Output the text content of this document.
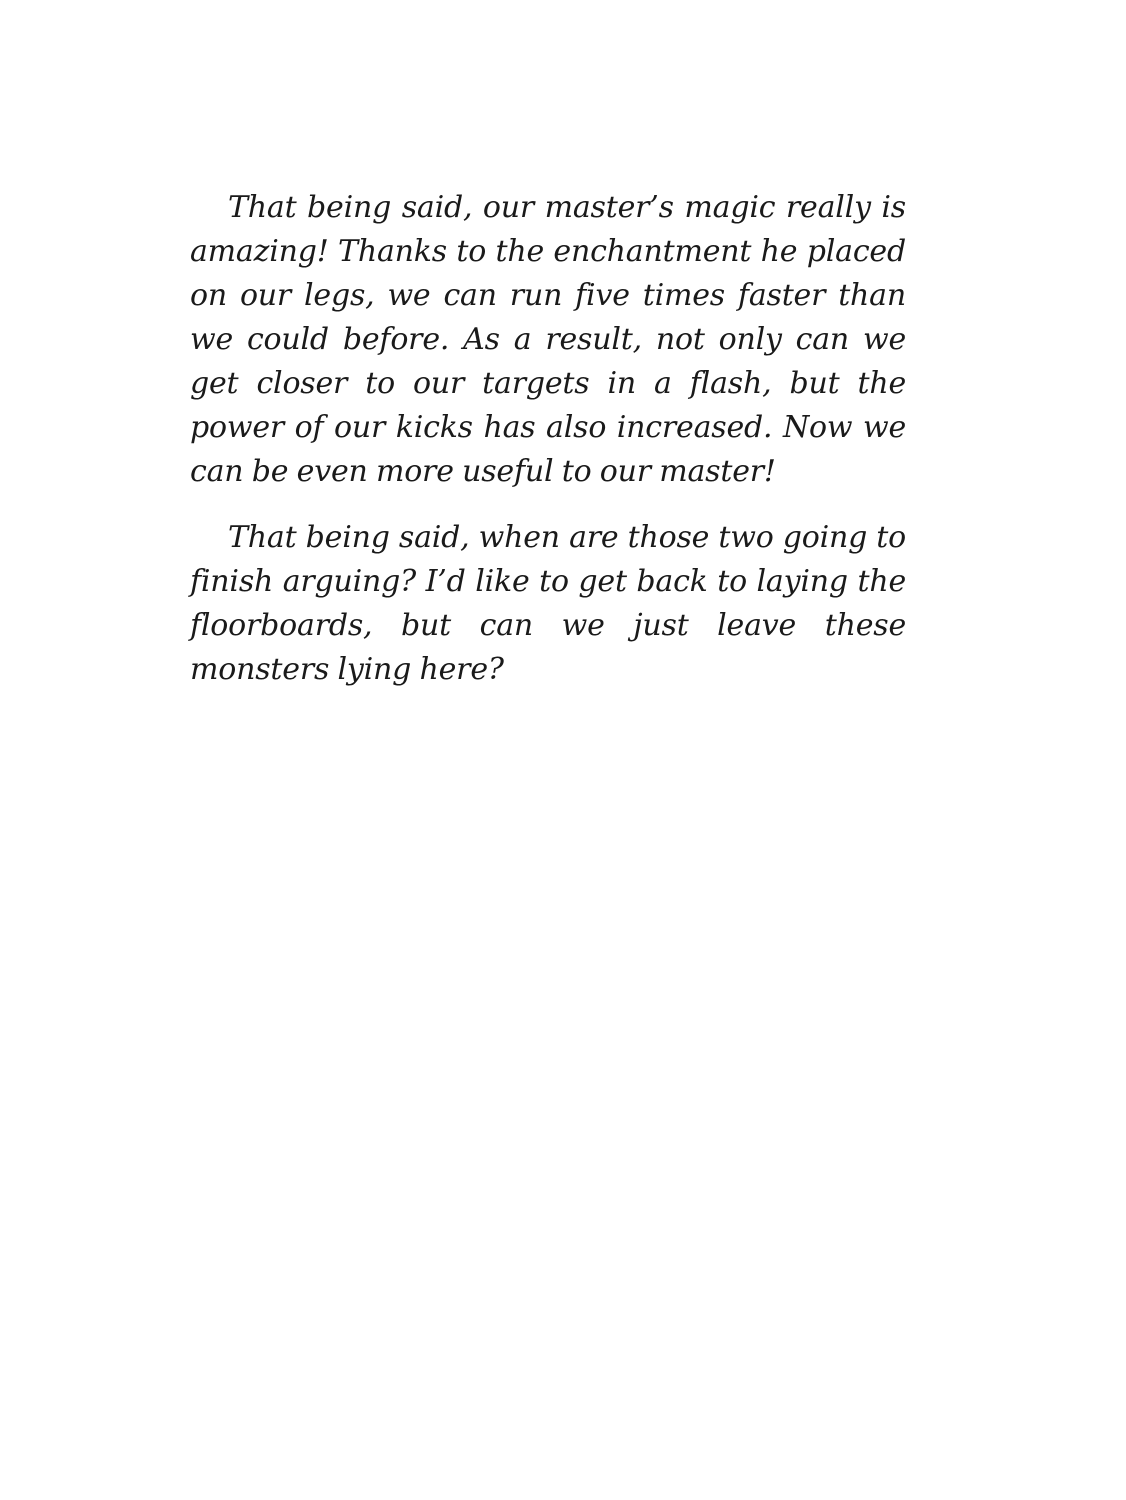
That being said, our master’s magic really is amazing! Thanks to the enchantment he placed on our legs, we can run five times faster than we could before. As a result, not only can we get closer to our targets in a flash, but the power of our kicks has also increased. Now we can be even more useful to our master!

That being said, when are those two going to finish arguing? I’d like to get back to laying the floorboards, but can we just leave these monsters lying here?
